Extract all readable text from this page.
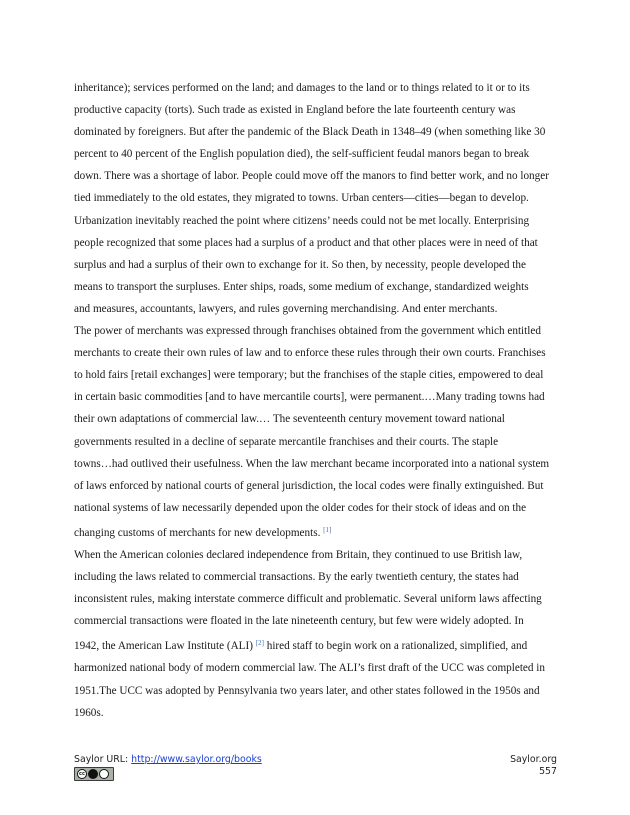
inheritance); services performed on the land; and damages to the land or to things related to it or to its

productive capacity (torts). Such trade as existed in England before the late fourteenth century was

dominated by foreigners. But after the pandemic of the Black Death in 1348–49 (when something like 30

percent to 40 percent of the English population died), the self-sufficient feudal manors began to break

down. There was a shortage of labor. People could move off the manors to find better work, and no longer

tied immediately to the old estates, they migrated to towns. Urban centers—cities—began to develop.

Urbanization inevitably reached the point where citizens’ needs could not be met locally. Enterprising

people recognized that some places had a surplus of a product and that other places were in need of that

surplus and had a surplus of their own to exchange for it. So then, by necessity, people developed the

means to transport the surpluses. Enter ships, roads, some medium of exchange, standardized weights

and measures, accountants, lawyers, and rules governing merchandising. And enter merchants.

The power of merchants was expressed through franchises obtained from the government which entitled

merchants to create their own rules of law and to enforce these rules through their own courts. Franchises

to hold fairs [retail exchanges] were temporary; but the franchises of the staple cities, empowered to deal

in certain basic commodities [and to have mercantile courts], were permanent.…Many trading towns had

their own adaptations of commercial law.… The seventeenth century movement toward national

governments resulted in a decline of separate mercantile franchises and their courts. The staple

towns…had outlived their usefulness. When the law merchant became incorporated into a national system

of laws enforced by national courts of general jurisdiction, the local codes were finally extinguished. But

national systems of law necessarily depended upon the older codes for their stock of ideas and on the

changing customs of merchants for new developments. [1]

When the American colonies declared independence from Britain, they continued to use British law,

including the laws related to commercial transactions. By the early twentieth century, the states had

inconsistent rules, making interstate commerce difficult and problematic. Several uniform laws affecting

commercial transactions were floated in the late nineteenth century, but few were widely adopted. In

1942, the American Law Institute (ALI) [2] hired staff to begin work on a rationalized, simplified, and

harmonized national body of modern commercial law. The ALI’s first draft of the UCC was completed in

1951.The UCC was adopted by Pennsylvania two years later, and other states followed in the 1950s and

1960s.

Saylor URL: http://www.saylor.org/books
cc
Saylor.org
557
